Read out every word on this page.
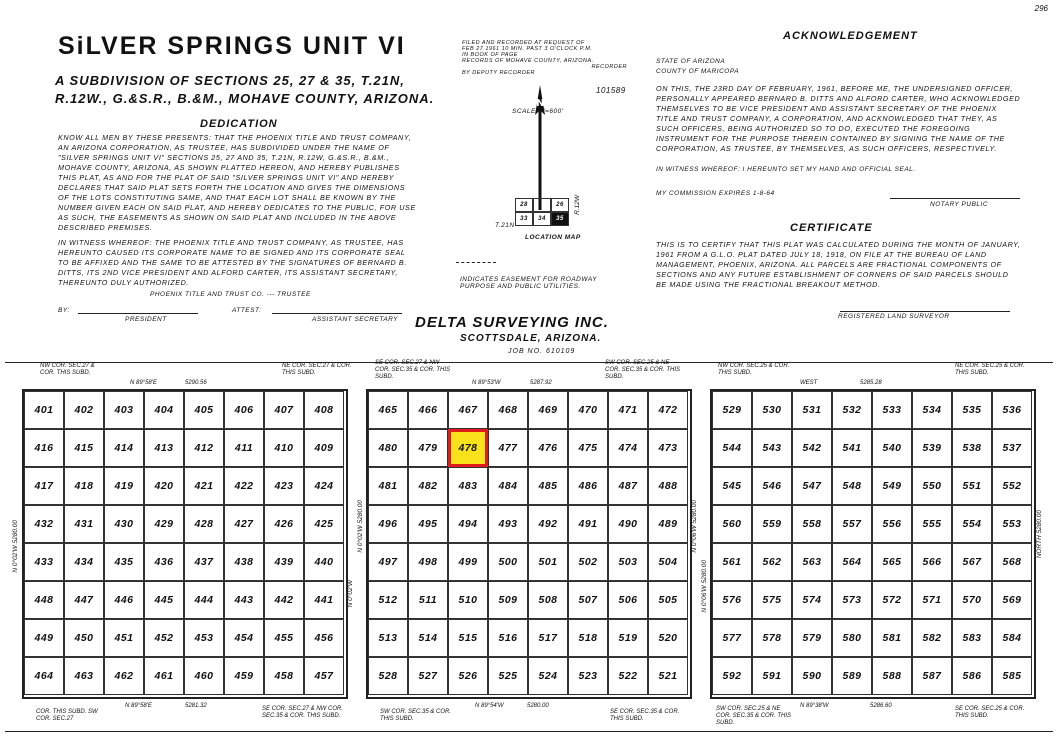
296
SiLVER SPRINGS UNIT VI
A SUBDIVISION OF SECTIONS 25, 27 & 35, T.21N,
R.12W., G.&S.R., B.&M., MOHAVE COUNTY, ARIZONA.
DEDICATION
KNOW ALL MEN BY THESE PRESENTS: THAT THE PHOENIX TITLE AND TRUST COMPANY, AN ARIZONA CORPORATION, AS TRUSTEE, HAS SUBDIVIDED UNDER THE NAME OF "SILVER SPRINGS UNIT VI" SECTIONS 25, 27 AND 35, T.21N, R.12W, G.&S.R., B.&M., MOHAVE COUNTY, ARIZONA, AS SHOWN PLATTED HEREON, AND HEREBY PUBLISHES THIS PLAT, AS AND FOR THE PLAT OF SAID "SILVER SPRINGS UNIT VI" AND HEREBY DECLARES THAT SAID PLAT SETS FORTH THE LOCATION AND GIVES THE DIMENSIONS OF THE LOTS CONSTITUTING SAME, AND THAT EACH LOT SHALL BE KNOWN BY THE NUMBER GIVEN EACH ON SAID PLAT, AND HEREBY DEDICATES TO THE PUBLIC, FOR USE AS SUCH, THE EASEMENTS AS SHOWN ON SAID PLAT AND INCLUDED IN THE ABOVE DESCRIBED PREMISES.
IN WITNESS WHEREOF: THE PHOENIX TITLE AND TRUST COMPANY, AS TRUSTEE, HAS HEREUNTO CAUSED ITS CORPORATE NAME TO BE SIGNED AND ITS CORPORATE SEAL TO BE AFFIXED AND THE SAME TO BE ATTESTED BY THE SIGNATURES OF BERNARD B. DITTS, ITS 2ND VICE PRESIDENT AND ALFORD CARTER, ITS ASSISTANT SECRETARY, THEREUNTO DULY AUTHORIZED.
PHOENIX TITLE AND TRUST CO. --- TRUSTEE
BY:
PRESIDENT
ATTEST:
ASSISTANT SECRETARY
FILED AND RECORDED AT REQUEST OF
FEB 27 1961 10 MIN. PAST 3 O'CLOCK P.M.
IN BOOK OF PAGE
RECORDS OF MOHAVE COUNTY, ARIZONA.
RECORDER
BY DEPUTY RECORDER
101589
N
SCALE 1"=600'
28	26
33	34	35
T.21N
R.12W
LOCATION MAP
INDICATES EASEMENT FOR ROADWAY PURPOSE AND PUBLIC UTILITIES.
ACKNOWLEDGEMENT
STATE OF ARIZONA
COUNTY OF MARICOPA
ON THIS, THE 23RD DAY OF FEBRUARY, 1961, BEFORE ME, THE UNDERSIGNED OFFICER, PERSONALLY APPEARED BERNARD B. DITTS AND ALFORD CARTER, WHO ACKNOWLEDGED THEMSELVES TO BE VICE PRESIDENT AND ASSISTANT SECRETARY OF THE PHOENIX TITLE AND TRUST COMPANY, A CORPORATION, AND ACKNOWLEDGED THAT THEY, AS SUCH OFFICERS, BEING AUTHORIZED SO TO DO, EXECUTED THE FOREGOING INSTRUMENT FOR THE PURPOSE THEREIN CONTAINED BY SIGNING THE NAME OF THE CORPORATION, AS TRUSTEE, BY THEMSELVES, AS SUCH OFFICERS, RESPECTIVELY.
IN WITNESS WHEREOF: I HEREUNTO SET MY HAND AND OFFICIAL SEAL.
MY COMMISSION EXPIRES 1-8-64
NOTARY PUBLIC
CERTIFICATE
THIS IS TO CERTIFY THAT THIS PLAT WAS CALCULATED DURING THE MONTH OF JANUARY, 1961 FROM A G.L.O. PLAT DATED JULY 18, 1918, ON FILE AT THE BUREAU OF LAND MANAGEMENT, PHOENIX, ARIZONA. ALL PARCELS ARE FRACTIONAL COMPONENTS OF SECTIONS AND ANY FUTURE ESTABLISHMENT OF CORNERS OF SAID PARCELS SHOULD BE MADE USING THE FRACTIONAL BREAKOUT METHOD.
REGISTERED LAND SURVEYOR
DELTA SURVEYING INC.
SCOTTSDALE, ARIZONA.
JOB NO. 610109
NW COR. SEC.27 & COR. THIS SUBD.
NE COR. SEC.27 & COR. THIS SUBD.
N 89°58'E	5290.56
401	402	403	404	405	406	407	408
416	415	414	413	412	411	410	409
417	418	419	420	421	422	423	424
432	431	430	429	428	427	426	425
433	434	435	436	437	438	439	440
448	447	446	445	444	443	442	441
449	450	451	452	453	454	455	456
464	463	462	461	460	459	458	457
N 0°02'W 5280.00
N 0°02'W
N 89°58'E	5281.32
COR. THIS SUBD. SW COR. SEC.27
SE COR. SEC.27 & NW COR. SEC.35 & COR. THIS SUBD.
SE COR. SEC.27 & NW COR. SEC.35 & COR. THIS SUBD.
SW COR. SEC.25 & NE COR. SEC.35 & COR. THIS SUBD.
N 89°53'W	5287.92
465	466	467	468	469	470	471	472
480	479	478	477	476	475	474	473
481	482	483	484	485	486	487	488
496	495	494	493	492	491	490	489
497	498	499	500	501	502	503	504
512	511	510	509	508	507	506	505
513	514	515	516	517	518	519	520
528	527	526	525	524	523	522	521
N 0°02'W 5280.00	N 0°06'W 5280.00
N 89°54'W	5280.00
SW COR. SEC.35 & COR. THIS SUBD.
SE COR. SEC.35 & COR. THIS SUBD.
NW COR. SEC.25 & COR. THIS SUBD.
NE COR. SEC.25 & COR. THIS SUBD.
WEST	5285.28
529	530	531	532	533	534	535	536
544	543	542	541	540	539	538	537
545	546	547	548	549	550	551	552
560	559	558	557	556	555	554	553
561	562	563	564	565	566	567	568
576	575	574	573	572	571	570	569
577	578	579	580	581	582	583	584
592	591	590	589	588	587	586	585
N 0°06'W 5280.00
NORTH 5280.00
N 89°38'W	5286.60
SW COR. SEC.25 & NE COR. SEC.35 & COR. THIS SUBD.
SE COR. SEC.25 & COR. THIS SUBD.
